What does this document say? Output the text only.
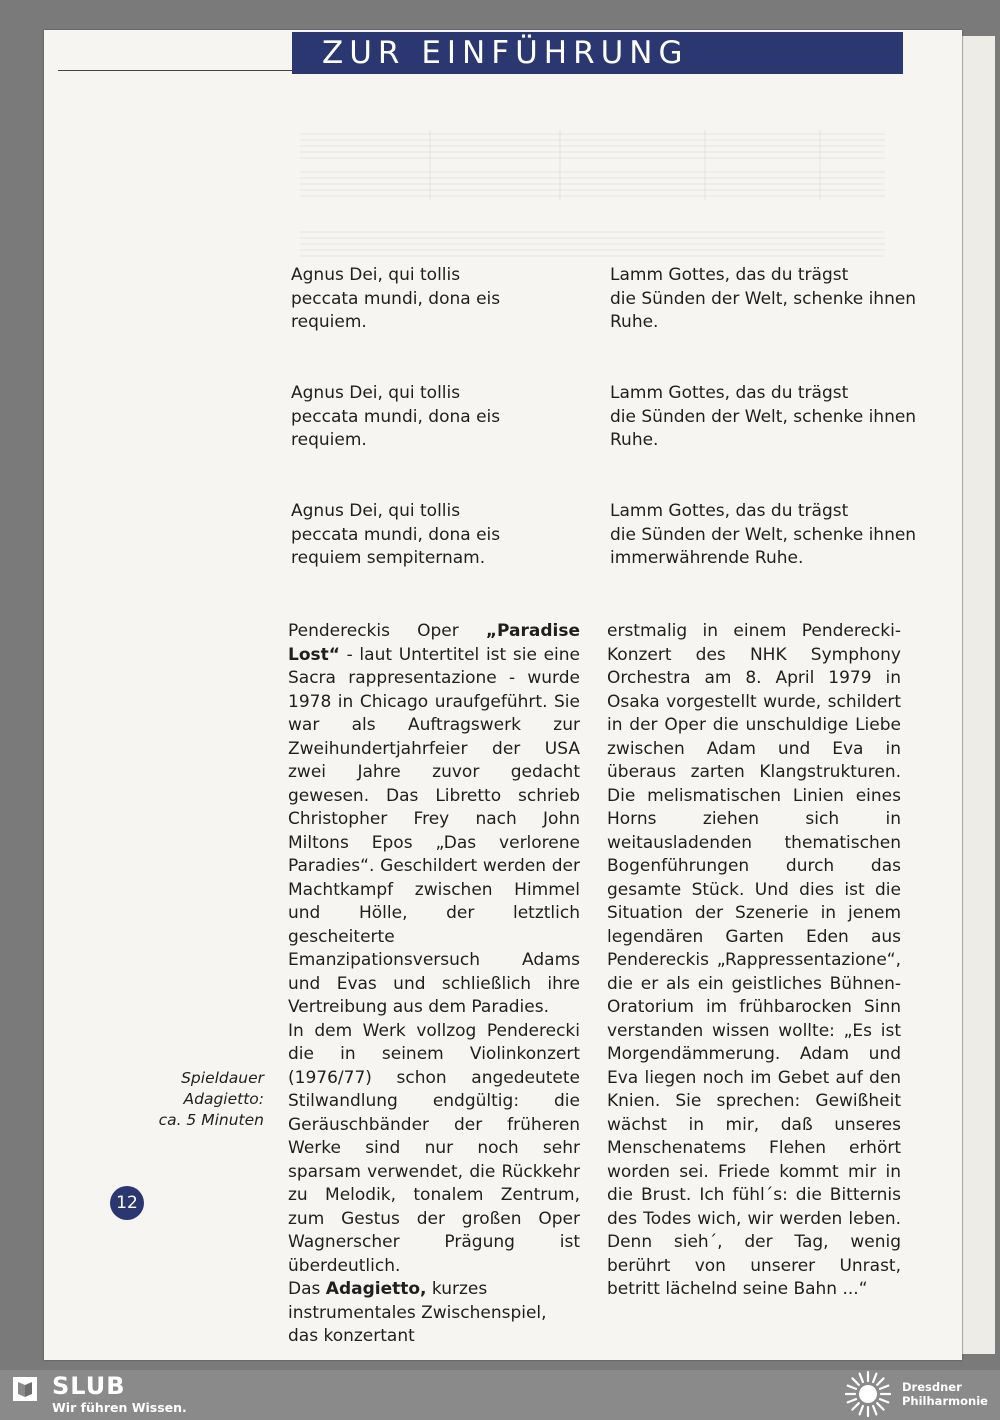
ZUR EINFÜHRUNG

Agnus Dei, qui tollis

peccata mundi, dona eis

requiem.

Agnus Dei, qui tollis

peccata mundi, dona eis

requiem.

Agnus Dei, qui tollis

peccata mundi, dona eis

requiem sempiternam.

Lamm Gottes, das du trägst

die Sünden der Welt, schenke ihnen

Ruhe.

Lamm Gottes, das du trägst

die Sünden der Welt, schenke ihnen

Ruhe.

Lamm Gottes, das du trägst

die Sünden der Welt, schenke ihnen

immerwährende Ruhe.

Pendereckis Oper „Paradise Lost“ - laut Untertitel ist sie eine Sacra rappresentazione - wurde 1978 in Chicago uraufgeführt. Sie war als Auftragswerk zur Zweihundertjahrfeier der USA zwei Jahre zuvor gedacht gewesen. Das Libretto schrieb Christopher Frey nach John Miltons Epos „Das verlorene Paradies“. Geschildert werden der Machtkampf zwischen Himmel und Hölle, der letztlich gescheiterte Emanzipationsversuch Adams und Evas und schließlich ihre Vertreibung aus dem Paradies.

In dem Werk vollzog Penderecki die in seinem Violinkonzert (1976/77) schon angedeutete Stilwandlung endgültig: die Geräuschbänder der früheren Werke sind nur noch sehr sparsam verwendet, die Rückkehr zu Melodik, tonalem Zentrum, zum Gestus der großen Oper Wagnerscher Prägung ist überdeutlich.

Das Adagietto, kurzes instrumentales Zwischenspiel, das konzertant

erstmalig in einem Penderecki-Konzert des NHK Symphony Orchestra am 8. April 1979 in Osaka vorgestellt wurde, schildert in der Oper die unschuldige Liebe zwischen Adam und Eva in überaus zarten Klangstrukturen. Die melismatischen Linien eines Horns ziehen sich in weitausladenden thematischen Bogenführungen durch das gesamte Stück. Und dies ist die Situation der Szenerie in jenem legendären Garten Eden aus Pendereckis „Rappressentazione“, die er als ein geistliches Bühnen-Oratorium im frühbarocken Sinn verstanden wissen wollte: „Es ist Morgendämmerung. Adam und Eva liegen noch im Gebet auf den Knien. Sie sprechen: Gewißheit wächst in mir, daß unseres Menschenatems Flehen erhört worden sei. Friede kommt mir in die Brust. Ich fühl´s: die Bitternis des Todes wich, wir werden leben. Denn sieh´, der Tag, wenig berührt von unserer Unrast, betritt lächelnd seine Bahn ...“

Spieldauer

Adagietto:

ca. 5 Minuten

12
SLUB
Wir führen Wissen.
Dresdner
Philharmonie
